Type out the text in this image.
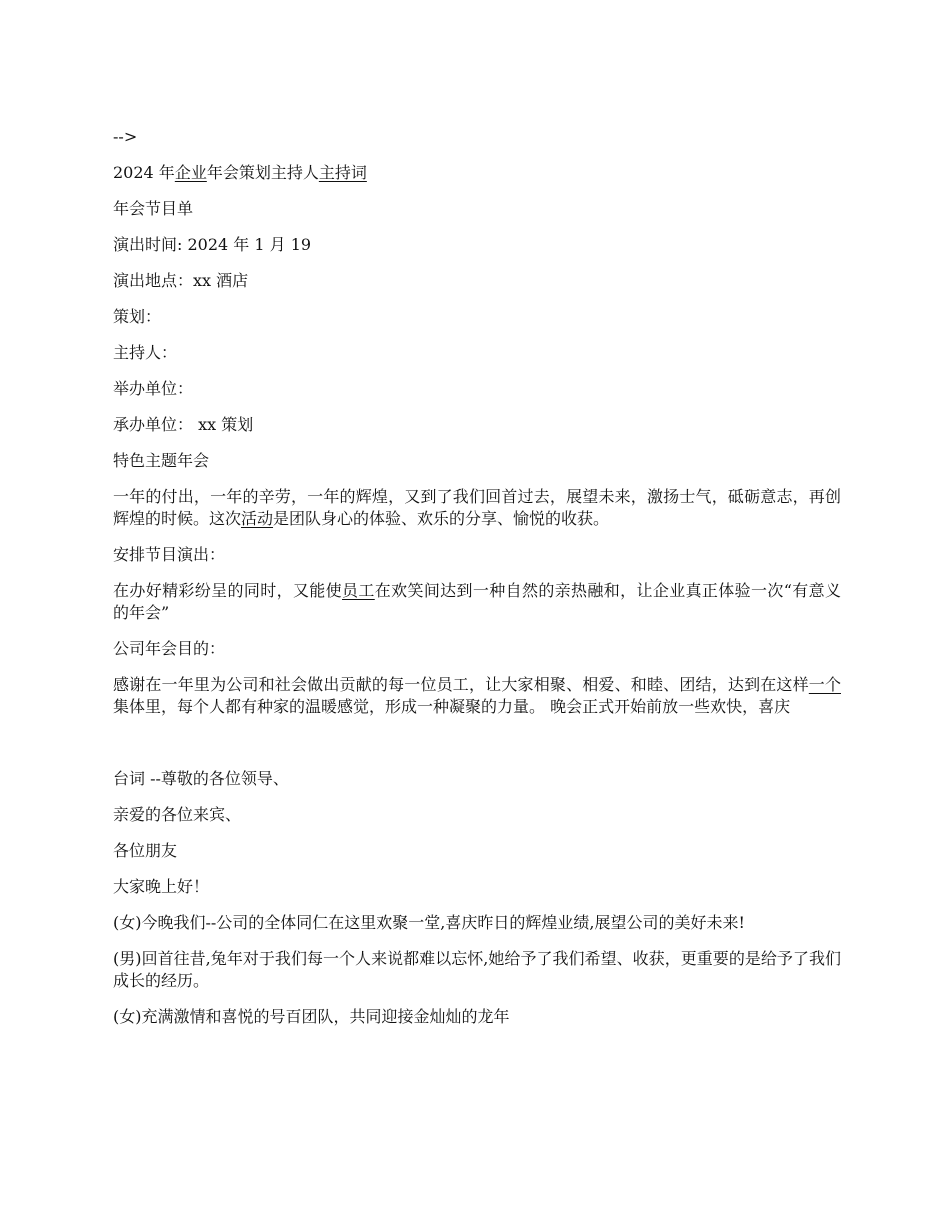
-->
2024 年企业年会策划主持人主持词
年会节目单
演出时间: 2024 年 1 月 19
演出地点：xx 酒店
策划：
主持人：
举办单位：
承办单位： xx 策划
特色主题年会
一年的付出，一年的辛劳，一年的辉煌，又到了我们回首过去，展望未来，激扬士气，砥砺意志，再创辉煌的时候。这次活动是团队身心的体验、欢乐的分享、愉悦的收获。
安排节目演出：
在办好精彩纷呈的同时，又能使员工在欢笑间达到一种自然的亲热融和，让企业真正体验一次“有意义的年会”
公司年会目的：
感谢在一年里为公司和社会做出贡献的每一位员工，让大家相聚、相爱、和睦、团结，达到在这样一个集体里，每个人都有种家的温暖感觉，形成一种凝聚的力量。 晚会正式开始前放一些欢快，喜庆
台词 --尊敬的各位领导、
亲爱的各位来宾、
各位朋友
大家晚上好！
(女)今晚我们--公司的全体同仁在这里欢聚一堂,喜庆昨日的辉煌业绩,展望公司的美好未来!
(男)回首往昔,兔年对于我们每一个人来说都难以忘怀,她给予了我们希望、收获，更重要的是给予了我们成长的经历。
(女)充满激情和喜悦的号百团队，共同迎接金灿灿的龙年
